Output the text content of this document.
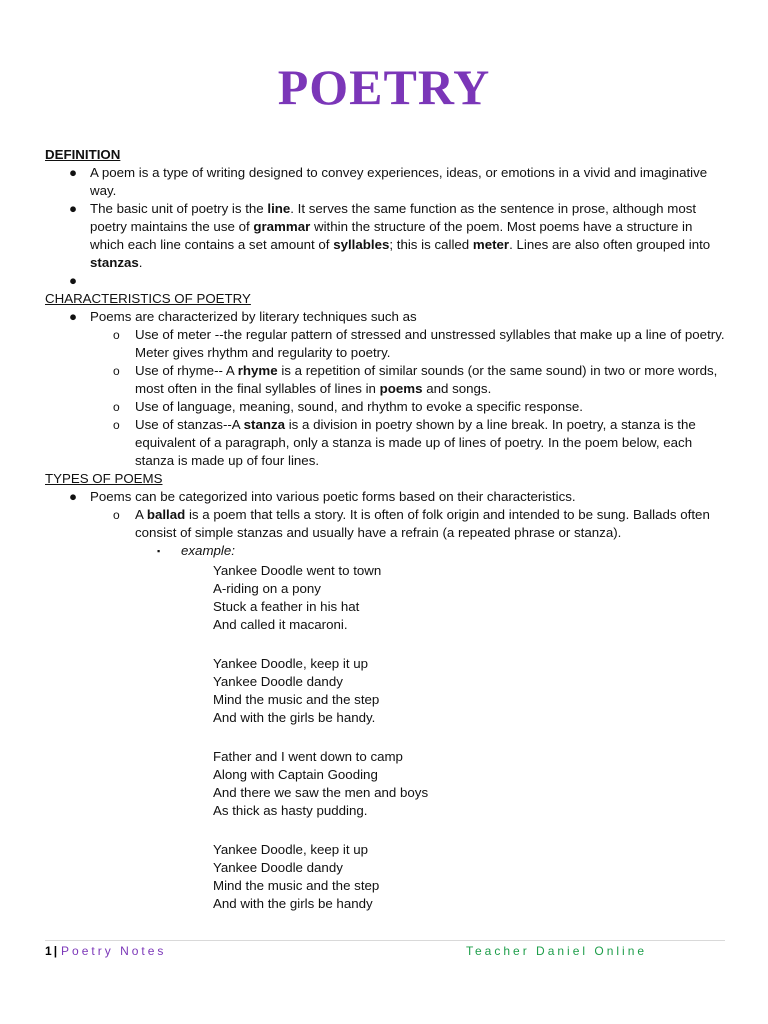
POETRY
DEFINITION
● A poem is a type of writing designed to convey experiences, ideas, or emotions in a vivid and imaginative way.
● The basic unit of poetry is the line. It serves the same function as the sentence in prose, although most poetry maintains the use of grammar within the structure of the poem. Most poems have a structure in which each line contains a set amount of syllables; this is called meter. Lines are also often grouped into stanzas.
●

CHARACTERISTICS OF POETRY
● Poems are characterized by literary techniques such as
o Use of meter --the regular pattern of stressed and unstressed syllables that make up a line of poetry. Meter gives rhythm and regularity to poetry.
o Use of rhyme-- A rhyme is a repetition of similar sounds (or the same sound) in two or more words, most often in the final syllables of lines in poems and songs.
o Use of language, meaning, sound, and rhythm to evoke a specific response.
o Use of stanzas--A stanza is a division in poetry shown by a line break. In poetry, a stanza is the equivalent of a paragraph, only a stanza is made up of lines of poetry. In the poem below, each stanza is made up of four lines.
TYPES OF POEMS
● Poems can be categorized into various poetic forms based on their characteristics.
o A ballad is a poem that tells a story. It is often of folk origin and intended to be sung. Ballads often consist of simple stanzas and usually have a refrain (a repeated phrase or stanza).
▪ example:
Yankee Doodle went to town
A-riding on a pony
Stuck a feather in his hat
And called it macaroni.
Yankee Doodle, keep it up
Yankee Doodle dandy
Mind the music and the step
And with the girls be handy.
Father and I went down to camp
Along with Captain Gooding
And there we saw the men and boys
As thick as hasty pudding.
Yankee Doodle, keep it up
Yankee Doodle dandy
Mind the music and the step
And with the girls be handy
1 | Poetry Notes	Teacher Daniel Online
